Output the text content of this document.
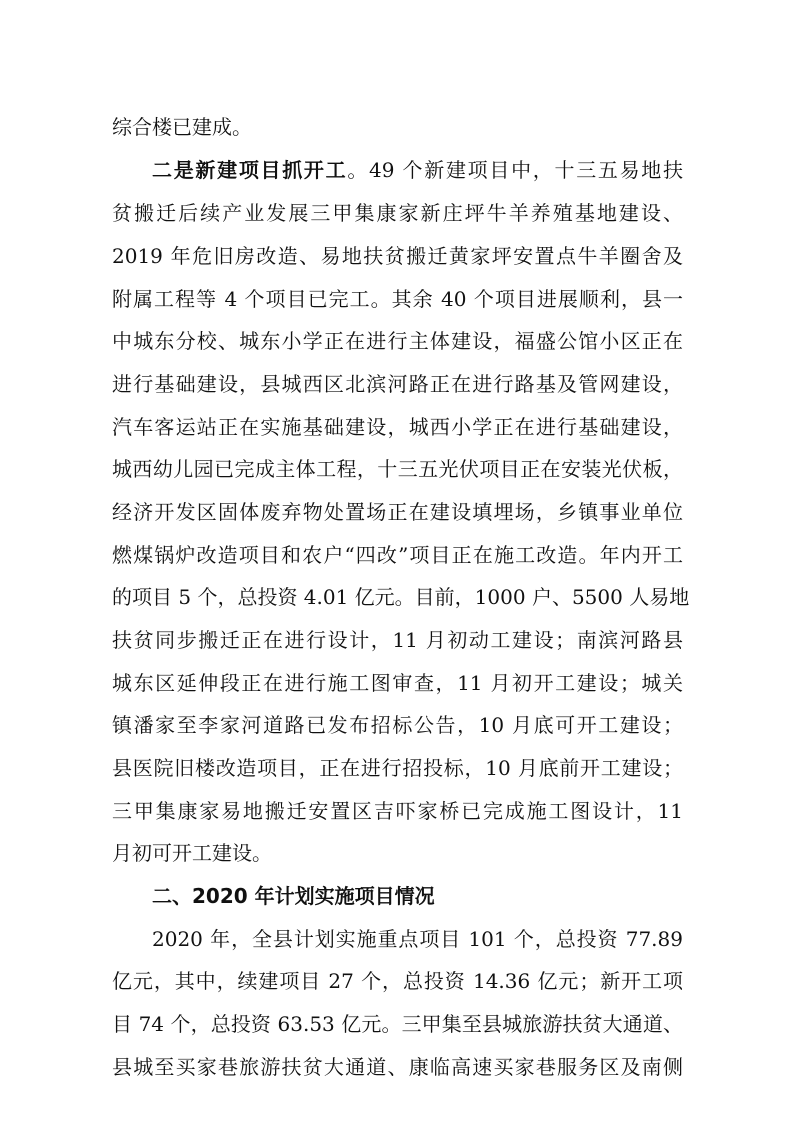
综合楼已建成。
二是新建项目抓开工。49 个新建项目中，十三五易地扶
贫搬迁后续产业发展三甲集康家新庄坪牛羊养殖基地建设、
2019 年危旧房改造、易地扶贫搬迁黄家坪安置点牛羊圈舍及
附属工程等 4 个项目已完工。其余 40 个项目进展顺利，县一
中城东分校、城东小学正在进行主体建设，福盛公馆小区正在
进行基础建设，县城西区北滨河路正在进行路基及管网建设，
汽车客运站正在实施基础建设，城西小学正在进行基础建设，
城西幼儿园已完成主体工程，十三五光伏项目正在安装光伏板，
经济开发区固体废弃物处置场正在建设填埋场，乡镇事业单位
燃煤锅炉改造项目和农户“四改”项目正在施工改造。年内开工
的项目 5 个，总投资 4.01 亿元。目前，1000 户、5500 人易地
扶贫同步搬迁正在进行设计，11 月初动工建设；南滨河路县
城东区延伸段正在进行施工图审查，11 月初开工建设；城关
镇潘家至李家河道路已发布招标公告，10 月底可开工建设；
县医院旧楼改造项目，正在进行招投标，10 月底前开工建设；
三甲集康家易地搬迁安置区吉吓家桥已完成施工图设计，11
月初可开工建设。
二、2020 年计划实施项目情况
2020 年，全县计划实施重点项目 101 个，总投资 77.89
亿元，其中，续建项目 27 个，总投资 14.36 亿元；新开工项
目 74 个，总投资 63.53 亿元。三甲集至县城旅游扶贫大通道、
县城至买家巷旅游扶贫大通道、康临高速买家巷服务区及南侧
